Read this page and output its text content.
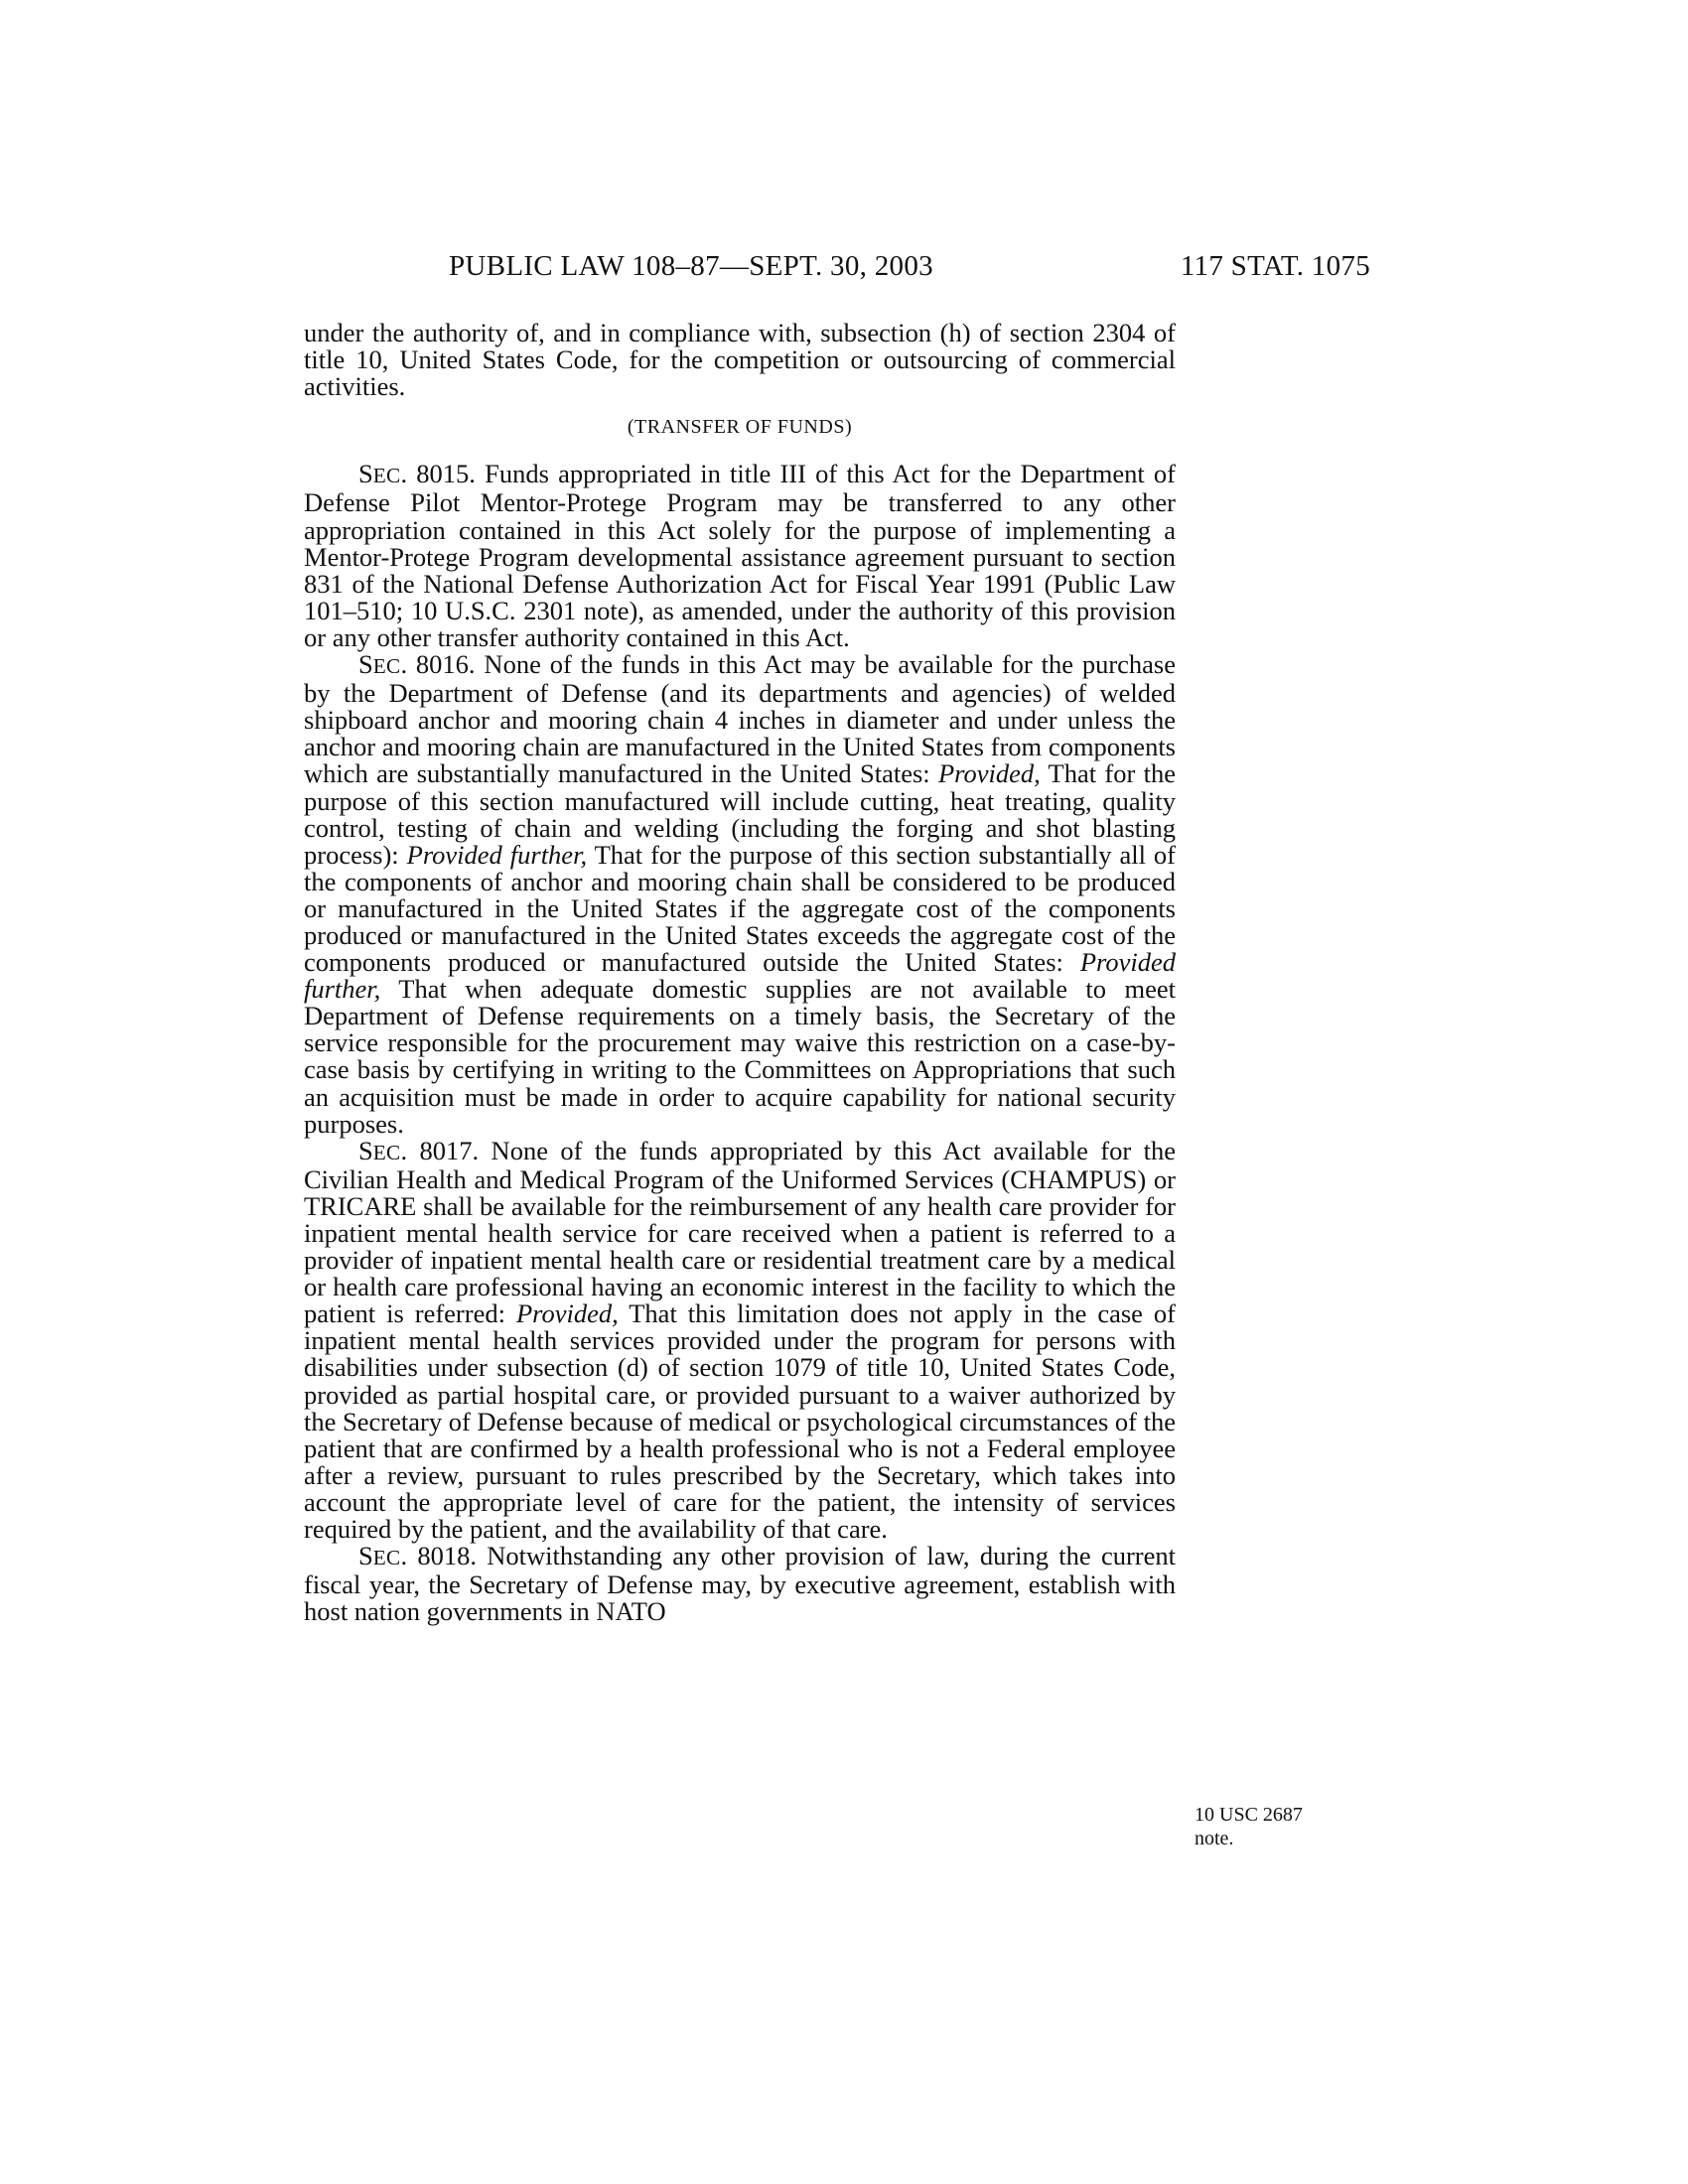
PUBLIC LAW 108–87—SEPT. 30, 2003	117 STAT. 1075

under the authority of, and in compliance with, subsection (h) of section 2304 of title 10, United States Code, for the competition or outsourcing of commercial activities.

(TRANSFER OF FUNDS)

SEC. 8015. Funds appropriated in title III of this Act for the Department of Defense Pilot Mentor-Protege Program may be transferred to any other appropriation contained in this Act solely for the purpose of implementing a Mentor-Protege Program developmental assistance agreement pursuant to section 831 of the National Defense Authorization Act for Fiscal Year 1991 (Public Law 101–510; 10 U.S.C. 2301 note), as amended, under the authority of this provision or any other transfer authority contained in this Act.

SEC. 8016. None of the funds in this Act may be available for the purchase by the Department of Defense (and its departments and agencies) of welded shipboard anchor and mooring chain 4 inches in diameter and under unless the anchor and mooring chain are manufactured in the United States from components which are substantially manufactured in the United States: Provided, That for the purpose of this section manufactured will include cutting, heat treating, quality control, testing of chain and welding (including the forging and shot blasting process): Provided further, That for the purpose of this section substantially all of the components of anchor and mooring chain shall be considered to be produced or manufactured in the United States if the aggregate cost of the components produced or manufactured in the United States exceeds the aggregate cost of the components produced or manufactured outside the United States: Provided further, That when adequate domestic supplies are not available to meet Department of Defense requirements on a timely basis, the Secretary of the service responsible for the procurement may waive this restriction on a case-by-case basis by certifying in writing to the Committees on Appropriations that such an acquisition must be made in order to acquire capability for national security purposes.

SEC. 8017. None of the funds appropriated by this Act available for the Civilian Health and Medical Program of the Uniformed Services (CHAMPUS) or TRICARE shall be available for the reimbursement of any health care provider for inpatient mental health service for care received when a patient is referred to a provider of inpatient mental health care or residential treatment care by a medical or health care professional having an economic interest in the facility to which the patient is referred: Provided, That this limitation does not apply in the case of inpatient mental health services provided under the program for persons with disabilities under subsection (d) of section 1079 of title 10, United States Code, provided as partial hospital care, or provided pursuant to a waiver authorized by the Secretary of Defense because of medical or psychological circumstances of the patient that are confirmed by a health professional who is not a Federal employee after a review, pursuant to rules prescribed by the Secretary, which takes into account the appropriate level of care for the patient, the intensity of services required by the patient, and the availability of that care.

SEC. 8018. Notwithstanding any other provision of law, during the current fiscal year, the Secretary of Defense may, by executive agreement, establish with host nation governments in NATO

10 USC 2687
note.
